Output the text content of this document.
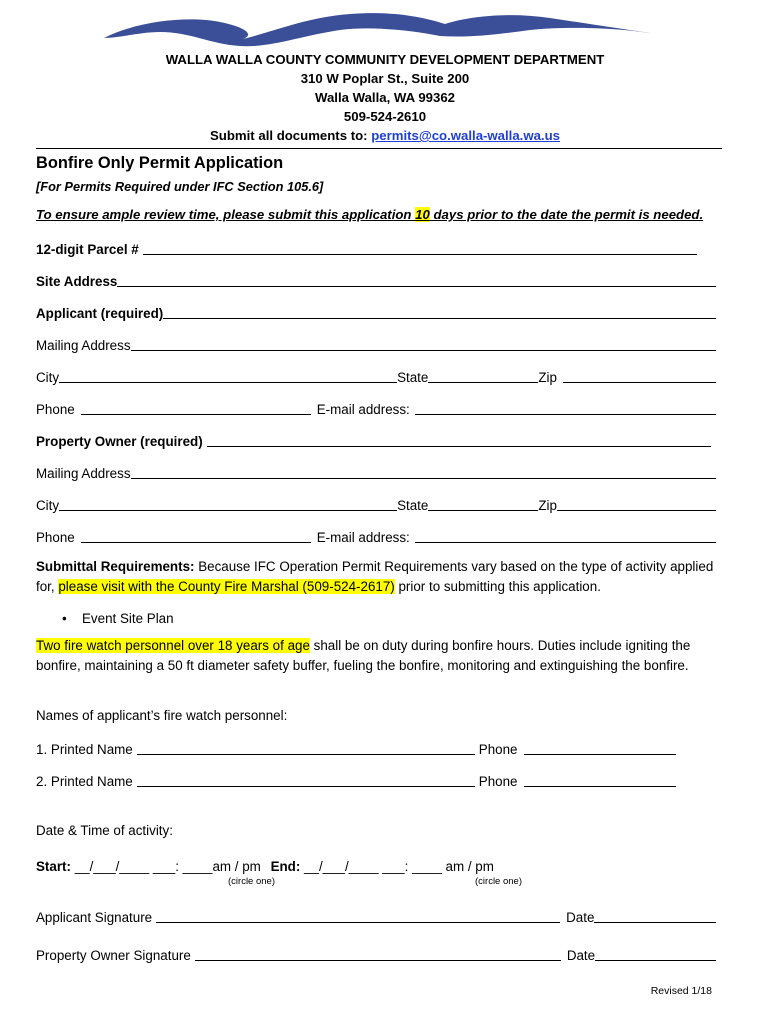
WALLA WALLA COUNTY COMMUNITY DEVELOPMENT DEPARTMENT
310 W Poplar St., Suite 200
Walla Walla, WA 99362
509-524-2610
Submit all documents to: permits@co.walla-walla.wa.us
Bonfire Only Permit Application
[For Permits Required under IFC Section 105.6]
To ensure ample review time, please submit this application 10 days prior to the date the permit is needed.
12-digit Parcel #
Site Address
Applicant (required)
Mailing Address
City	State	Zip
Phone	E-mail address:
Property Owner (required)
Mailing Address
City	State	Zip
Phone	E-mail address:
Submittal Requirements: Because IFC Operation Permit Requirements vary based on the type of activity applied for, please visit with the County Fire Marshal (509-524-2617) prior to submitting this application.
• Event Site Plan
Two fire watch personnel over 18 years of age shall be on duty during bonfire hours. Duties include igniting the bonfire, maintaining a 50 ft diameter safety buffer, fueling the bonfire, monitoring and extinguishing the bonfire.
Names of applicant’s fire watch personnel:
1. Printed Name	Phone
2. Printed Name	Phone
Date & Time of activity:
Start: __/___/____ ___: ____am / pm End: __/___/____ ___: ____ am / pm
(circle one)	(circle one)
Applicant Signature	Date
Property Owner Signature	Date
Revised 1/18
